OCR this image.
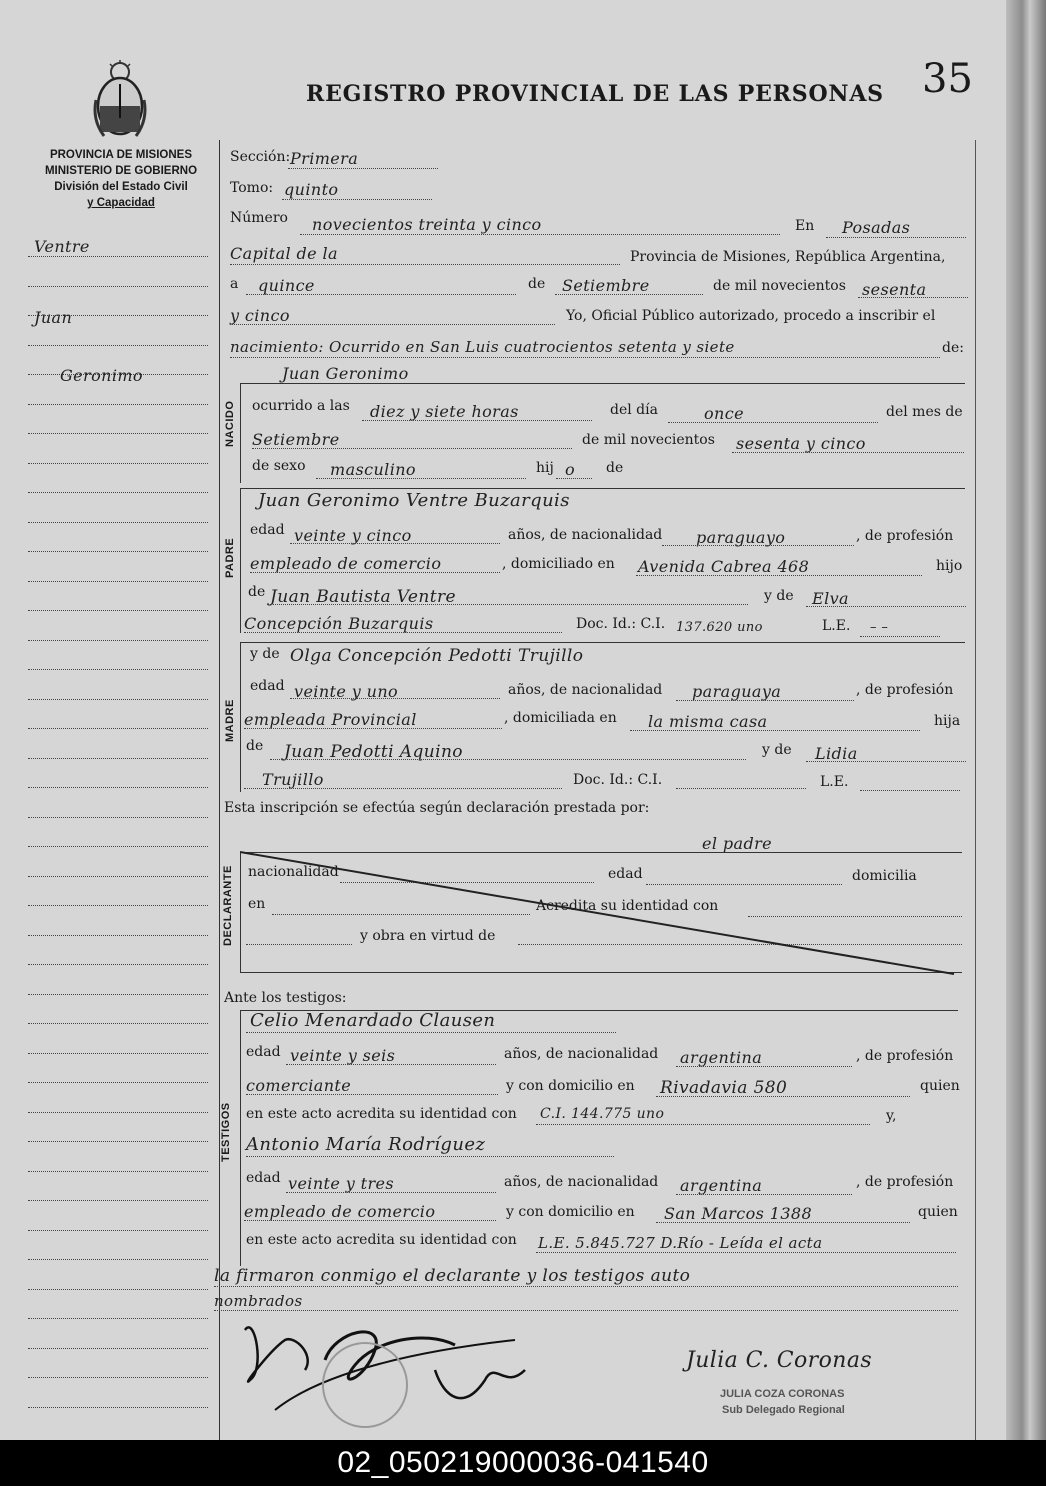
REGISTRO PROVINCIAL DE LAS PERSONAS 35
PROVINCIA DE MISIONES
MINISTERIO DE GOBIERNO
División del Estado Civil
y Capacidad
Ventre
Juan
Geronimo
Sección: Primera
Tomo: quinto
Número novecientos treinta y cinco	En Posadas
Capital de la	Provincia de Misiones, República Argentina,
a quince	de Setiembre	de mil novecientos sesenta
y cinco	Yo, Oficial Público autorizado, procedo a inscribir el
nacimiento: Ocurrido en San Luis cuatrocientos setenta y siete	de:
NACIDO
Juan Geronimo
ocurrido a las diez y siete horas	del día	once	del mes de
Setiembre	de mil novecientos sesenta y cinco
de sexo masculino	hij o de
PADRE
Juan Geronimo Ventre Buzarquis
edad veinte y cinco	años, de nacionalidad paraguayo	, de profesión
empleado de comercio	, domiciliado en Avenida Cabrea 468	hijo
de Juan Bautista Ventre	y de Elva
Concepción Buzarquis	Doc. Id.: C.I. 137.620 uno	L.E. – –
MADRE
y de Olga Concepción Pedotti Trujillo
edad veinte y uno	años, de nacionalidad paraguaya	, de profesión
empleada Provincial	, domiciliada en la misma casa	hija
de Juan Pedotti Aquino	y de Lidia
Trujillo	Doc. Id.: C.I.	L.E.
Esta inscripción se efectúa según declaración prestada por:
el padre
DECLARANTE nacionalidad	edad	domicilia
en	Acredita su identidad con
y obra en virtud de
Ante los testigos:
TESTIGOS
Celio Menardado Clausen
edad veinte y seis	años, de nacionalidad argentina	, de profesión
comerciante	y con domicilio en Rivadavia 580	quien
en este acto acredita su identidad con C.I. 144.775 uno	y,
Antonio María Rodríguez
edad veinte y tres	años, de nacionalidad argentina	, de profesión
empleado de comercio	y con domicilio en San Marcos 1388	quien
en este acto acredita su identidad con L.E. 5.845.727 D.Río - Leída el acta
la firmaron conmigo el declarante y los testigos auto
nombrados
Julia C. Coronas
JULIA COZA CORONAS
Sub Delegado Regional
02_050219000036-041540
